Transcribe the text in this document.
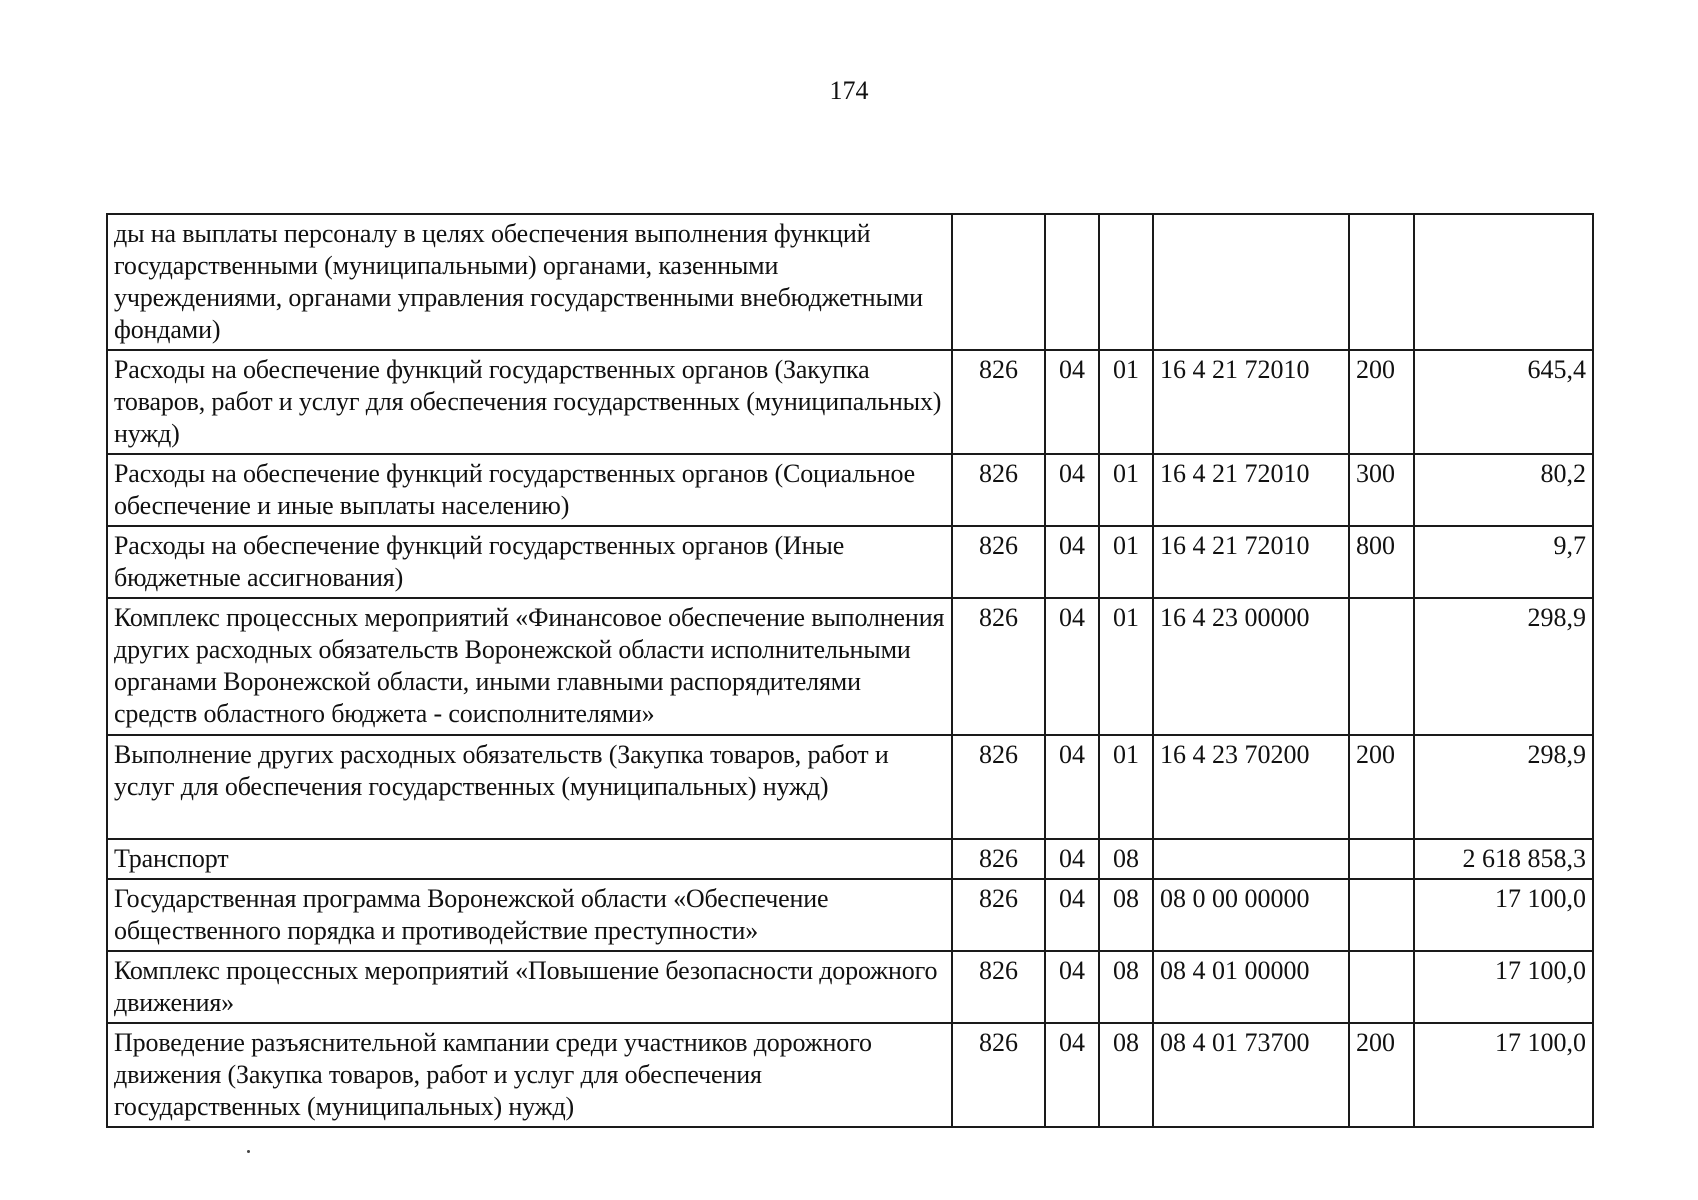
174
ды на выплаты персоналу в целях обеспечения выполнения функций государственными (муниципальными) органами, казенными учреждениями, органами управления государственными внебюджетными фондами)						
Расходы на обеспечение функций государственных органов (Закупка товаров, работ и услуг для обеспечения государственных (муниципальных) нужд)	826	04	01	16 4 21 72010	200	645,4
Расходы на обеспечение функций государственных органов (Социальное обеспечение и иные выплаты населению)	826	04	01	16 4 21 72010	300	80,2
Расходы на обеспечение функций государственных органов (Иные бюджетные ассигнования)	826	04	01	16 4 21 72010	800	9,7
Комплекс процессных мероприятий «Финансовое обеспечение выполнения других расходных обязательств Воронежской области исполнительными органами Воронежской области, иными главными распорядителями средств областного бюджета - соисполнителями»	826	04	01	16 4 23 00000		298,9
Выполнение других расходных обязательств (Закупка товаров, работ и услуг для обеспечения государственных (муниципальных) нужд)	826	04	01	16 4 23 70200	200	298,9
Транспорт	826	04	08			2 618 858,3
Государственная программа Воронежской области «Обеспечение общественного порядка и противодействие преступности»	826	04	08	08 0 00 00000		17 100,0
Комплекс процессных мероприятий «Повышение безопасности дорожного движения»	826	04	08	08 4 01 00000		17 100,0
Проведение разъяснительной кампании среди участников дорожного движения (Закупка товаров, работ и услуг для обеспечения государственных (муниципальных) нужд)	826	04	08	08 4 01 73700	200	17 100,0
